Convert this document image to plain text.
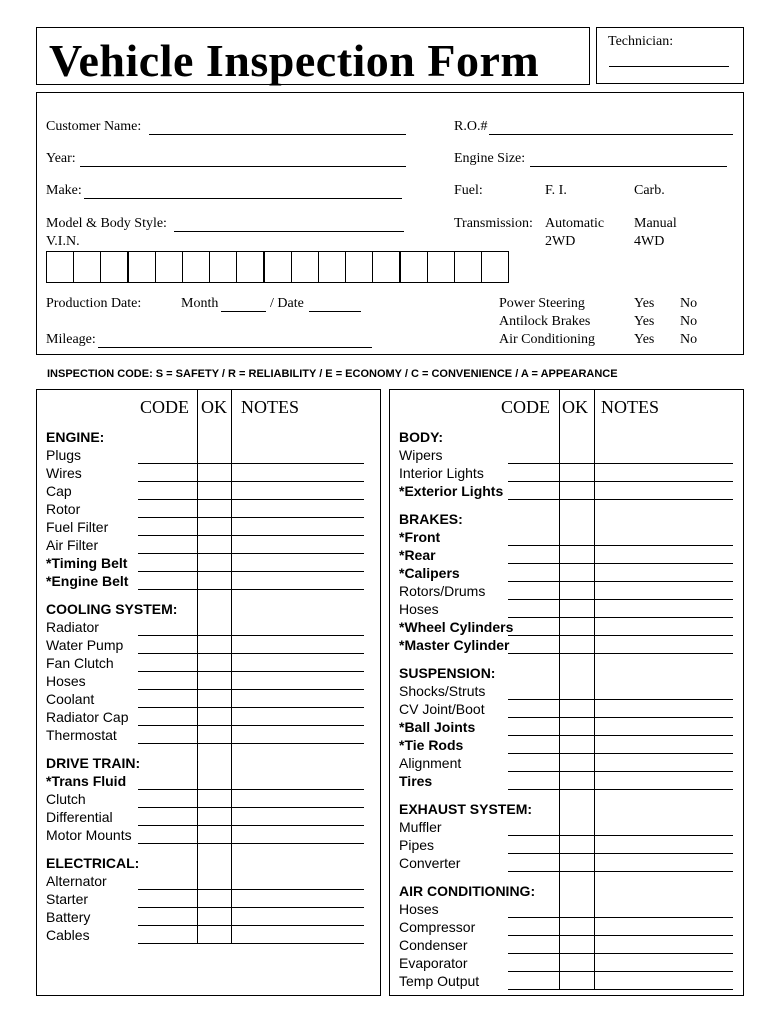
Vehicle Inspection Form	Technician:
Customer Name:	R.O.#
Year:	Engine Size:
Make:	Fuel:	F. I.	Carb.
Model & Body Style:	Transmission: Automatic Manual
2WD	4WD
V.I.N.
Production Date:	Month	/ Date
Mileage:
Power Steering	Yes No
Antilock Brakes	Yes No
Air Conditioning	Yes No
INSPECTION CODE: S = SAFETY / R = RELIABILITY / E = ECONOMY / C = CONVENIENCE / A = APPEARANCE
CODE OK NOTES
ENGINE:
Plugs
Wires
Cap
Rotor
Fuel Filter
Air Filter
*Timing Belt
*Engine Belt
COOLING SYSTEM:
Radiator
Water Pump
Fan Clutch
Hoses
Coolant
Radiator Cap
Thermostat
DRIVE TRAIN:
*Trans Fluid
Clutch
Differential
Motor Mounts
ELECTRICAL:
Alternator
Starter
Battery
Cables
CODE OK NOTES
BODY:
Wipers
Interior Lights
*Exterior Lights
BRAKES:
*Front
*Rear
*Calipers
Rotors/Drums
Hoses
*Wheel Cylinders
*Master Cylinder
SUSPENSION:
Shocks/Struts
CV Joint/Boot
*Ball Joints
*Tie Rods
Alignment
Tires
EXHAUST SYSTEM:
Muffler
Pipes
Converter
AIR CONDITIONING:
Hoses
Compressor
Condenser
Evaporator
Temp Output
